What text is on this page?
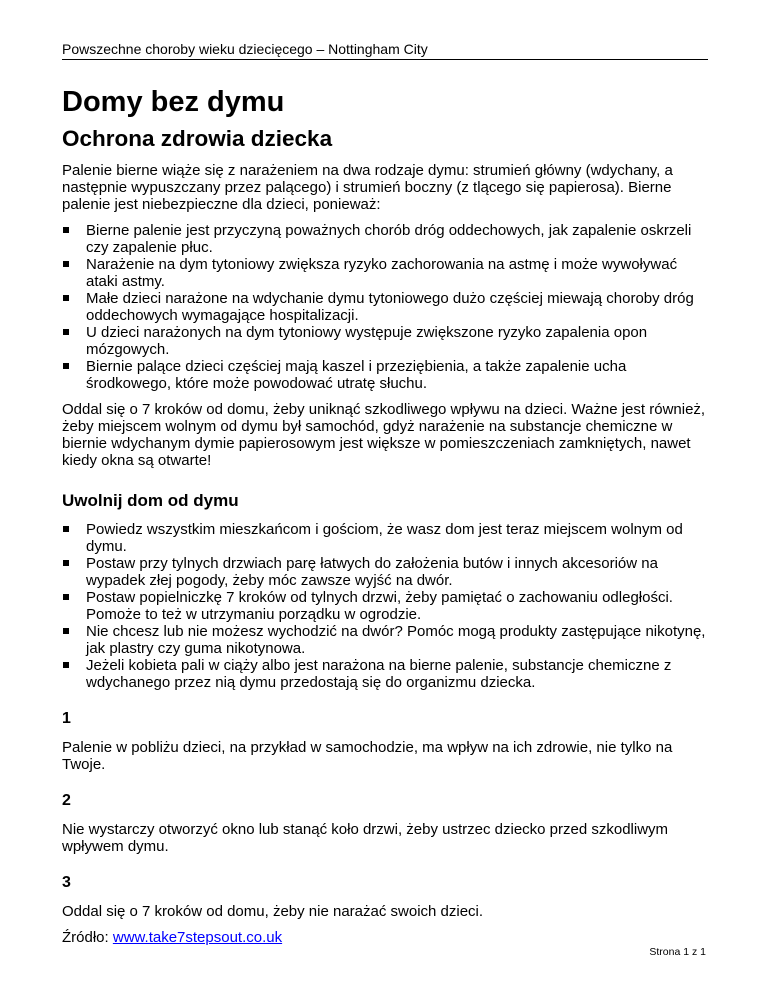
Powszechne choroby wieku dziecięcego – Nottingham City
Domy bez dymu
Ochrona zdrowia dziecka

Palenie bierne wiąże się z narażeniem na dwa rodzaje dymu: strumień główny (wdychany, a następnie wypuszczany przez palącego) i strumień boczny (z tlącego się papierosa). Bierne palenie jest niebezpieczne dla dzieci, ponieważ:

Bierne palenie jest przyczyną poważnych chorób dróg oddechowych, jak zapalenie oskrzeli czy zapalenie płuc.
Narażenie na dym tytoniowy zwiększa ryzyko zachorowania na astmę i może wywoływać ataki astmy.
Małe dzieci narażone na wdychanie dymu tytoniowego dużo częściej miewają choroby dróg oddechowych wymagające hospitalizacji.
U dzieci narażonych na dym tytoniowy występuje zwiększone ryzyko zapalenia opon mózgowych.
Biernie palące dzieci częściej mają kaszel i przeziębienia, a także zapalenie ucha środkowego, które może powodować utratę słuchu.

Oddal się o 7 kroków od domu, żeby uniknąć szkodliwego wpływu na dzieci. Ważne jest również, żeby miejscem wolnym od dymu był samochód, gdyż narażenie na substancje chemiczne w biernie wdychanym dymie papierosowym jest większe w pomieszczeniach zamkniętych, nawet kiedy okna są otwarte!

Uwolnij dom od dymu
Powiedz wszystkim mieszkańcom i gościom, że wasz dom jest teraz miejscem wolnym od dymu.
Postaw przy tylnych drzwiach parę łatwych do założenia butów i innych akcesoriów na wypadek złej pogody, żeby móc zawsze wyjść na dwór.
Postaw popielniczkę 7 kroków od tylnych drzwi, żeby pamiętać o zachowaniu odległości. Pomoże to też w utrzymaniu porządku w ogrodzie.
Nie chcesz lub nie możesz wychodzić na dwór? Pomóc mogą produkty zastępujące nikotynę, jak plastry czy guma nikotynowa.
Jeżeli kobieta pali w ciąży albo jest narażona na bierne palenie, substancje chemiczne z wdychanego przez nią dymu przedostają się do organizmu dziecka.
1

Palenie w pobliżu dzieci, na przykład w samochodzie, ma wpływ na ich zdrowie, nie tylko na Twoje.

2

Nie wystarczy otworzyć okno lub stanąć koło drzwi, żeby ustrzec dziecko przed szkodliwym wpływem dymu.

3

Oddal się o 7 kroków od domu, żeby nie narażać swoich dzieci.

Źródło: www.take7stepsout.co.uk

Strona 1 z 1
